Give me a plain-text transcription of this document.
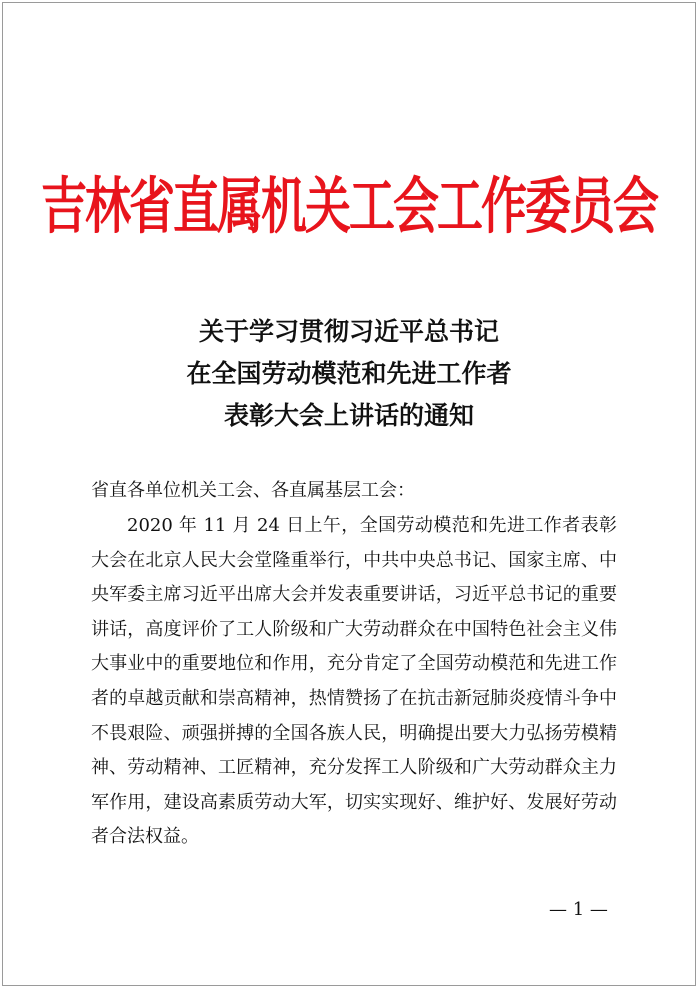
吉林省直属机关工会工作委员会
关于学习贯彻习近平总书记
在全国劳动模范和先进工作者
表彰大会上讲话的通知
省直各单位机关工会、各直属基层工会：

2020 年 11 月 24 日上午，全国劳动模范和先进工作者表彰大会在北京人民大会堂隆重举行，中共中央总书记、国家主席、中央军委主席习近平出席大会并发表重要讲话，习近平总书记的重要讲话，高度评价了工人阶级和广大劳动群众在中国特色社会主义伟大事业中的重要地位和作用，充分肯定了全国劳动模范和先进工作者的卓越贡献和崇高精神，热情赞扬了在抗击新冠肺炎疫情斗争中不畏艰险、顽强拼搏的全国各族人民，明确提出要大力弘扬劳模精神、劳动精神、工匠精神，充分发挥工人阶级和广大劳动群众主力军作用，建设高素质劳动大军，切实实现好、维护好、发展好劳动者合法权益。

— 1 —
